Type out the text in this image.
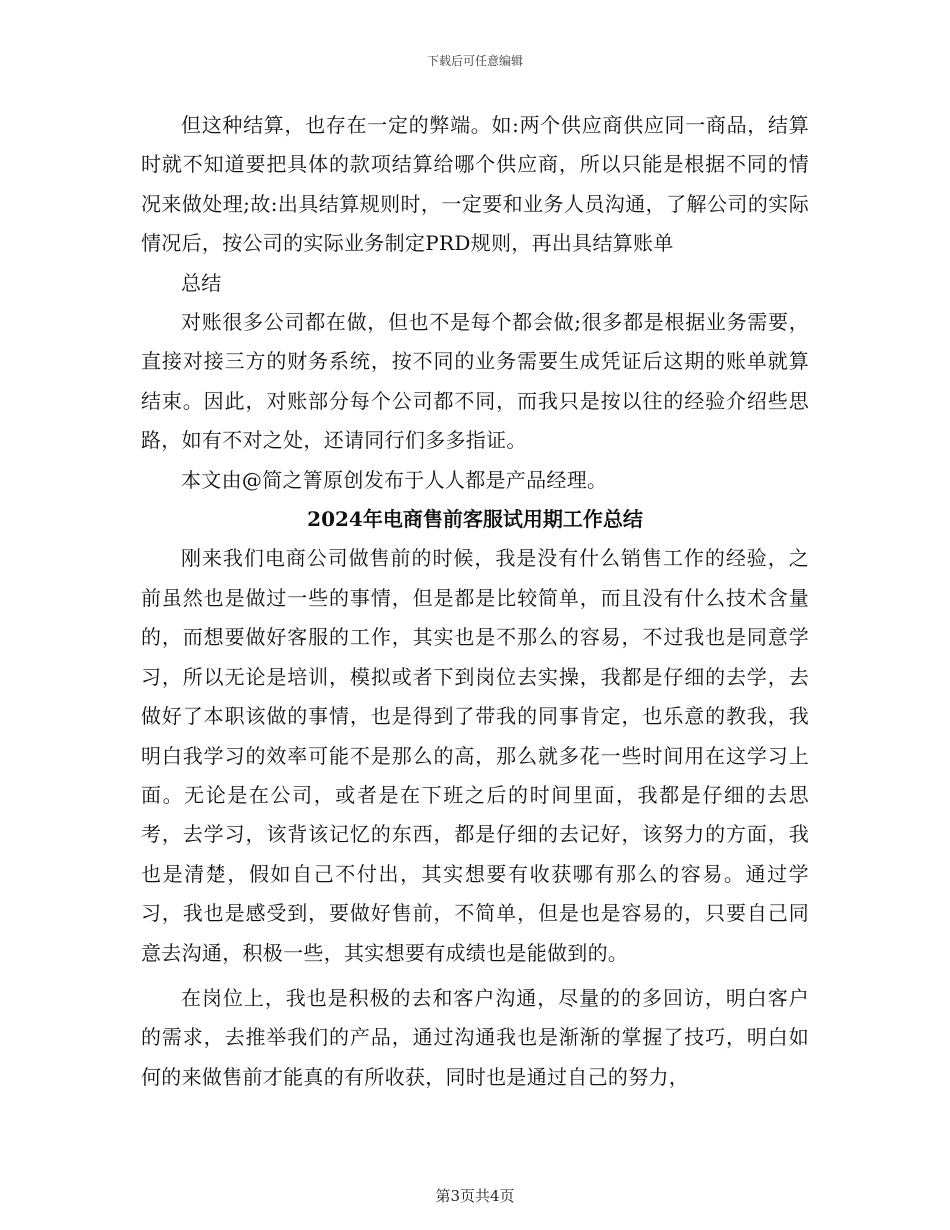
下载后可任意编辑

但这种结算，也存在一定的弊端。如:两个供应商供应同一商品，结算时就不知道要把具体的款项结算给哪个供应商，所以只能是根据不同的情况来做处理;故:出具结算规则时，一定要和业务人员沟通，了解公司的实际情况后，按公司的实际业务制定PRD规则，再出具结算账单

总结

对账很多公司都在做，但也不是每个都会做;很多都是根据业务需要，直接对接三方的财务系统，按不同的业务需要生成凭证后这期的账单就算结束。因此，对账部分每个公司都不同，而我只是按以往的经验介绍些思路，如有不对之处，还请同行们多多指证。

本文由@简之箐原创发布于人人都是产品经理。

2024年电商售前客服试用期工作总结

刚来我们电商公司做售前的时候，我是没有什么销售工作的经验，之前虽然也是做过一些的事情，但是都是比较简单，而且没有什么技术含量的，而想要做好客服的工作，其实也是不那么的容易，不过我也是同意学习，所以无论是培训，模拟或者下到岗位去实操，我都是仔细的去学，去做好了本职该做的事情，也是得到了带我的同事肯定，也乐意的教我，我明白我学习的效率可能不是那么的高，那么就多花一些时间用在这学习上面。无论是在公司，或者是在下班之后的时间里面，我都是仔细的去思考，去学习，该背该记忆的东西，都是仔细的去记好，该努力的方面，我也是清楚，假如自己不付出，其实想要有收获哪有那么的容易。通过学习，我也是感受到，要做好售前，不简单，但是也是容易的，只要自己同意去沟通，积极一些，其实想要有成绩也是能做到的。

在岗位上，我也是积极的去和客户沟通，尽量的的多回访，明白客户的需求，去推举我们的产品，通过沟通我也是渐渐的掌握了技巧，明白如何的来做售前才能真的有所收获，同时也是通过自己的努力，

第3页共4页
